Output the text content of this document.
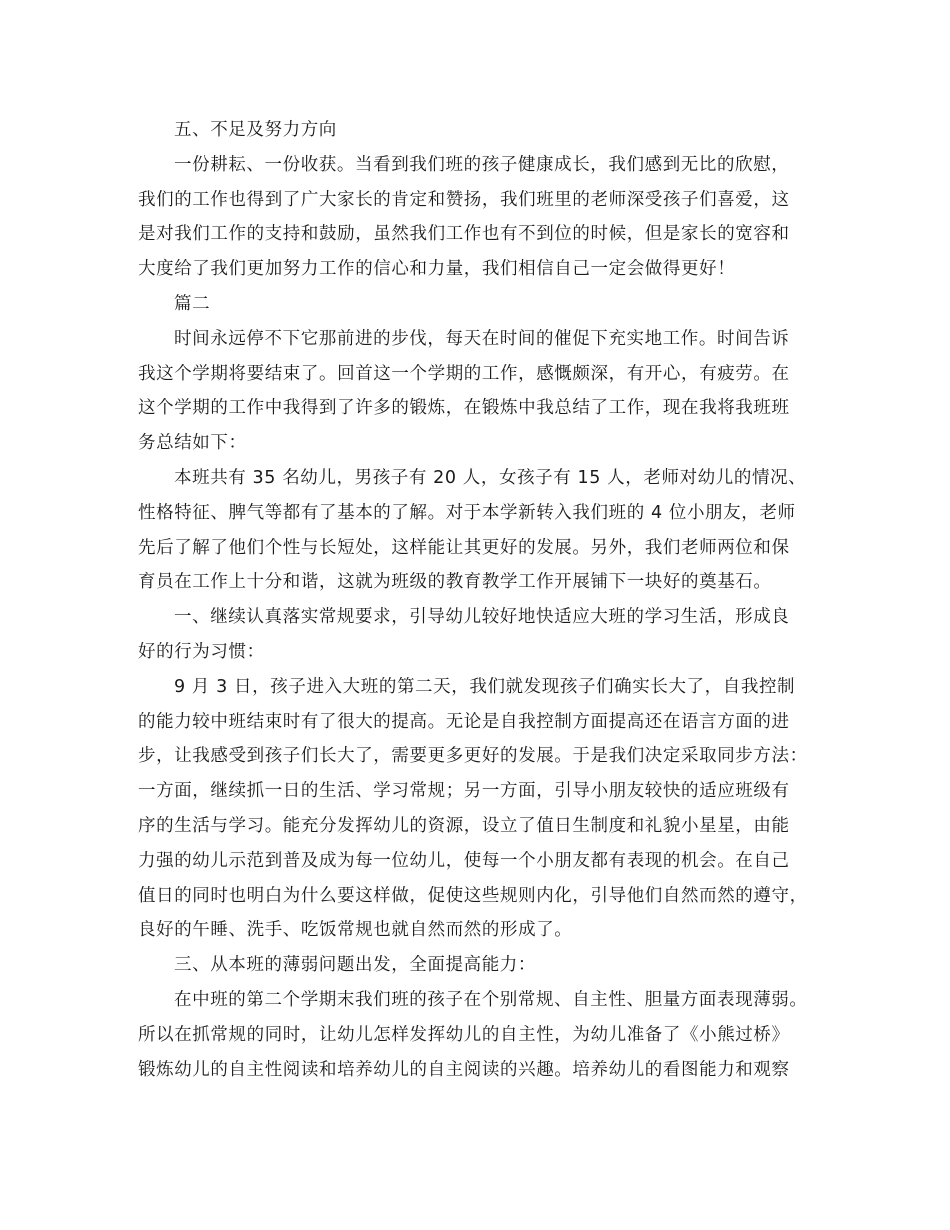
五、不足及努力方向

一份耕耘、一份收获。当看到我们班的孩子健康成长，我们感到无比的欣慰，
我们的工作也得到了广大家长的肯定和赞扬，我们班里的老师深受孩子们喜爱，这
是对我们工作的支持和鼓励，虽然我们工作也有不到位的时候，但是家长的宽容和
大度给了我们更加努力工作的信心和力量，我们相信自己一定会做得更好！

篇二

时间永远停不下它那前进的步伐，每天在时间的催促下充实地工作。时间告诉
我这个学期将要结束了。回首这一个学期的工作，感慨颇深，有开心，有疲劳。在
这个学期的工作中我得到了许多的锻炼，在锻炼中我总结了工作，现在我将我班班
务总结如下：

本班共有 35 名幼儿，男孩子有 20 人，女孩子有 15 人，老师对幼儿的情况、
性格特征、脾气等都有了基本的了解。对于本学新转入我们班的 4 位小朋友，老师
先后了解了他们个性与长短处，这样能让其更好的发展。另外，我们老师两位和保
育员在工作上十分和谐，这就为班级的教育教学工作开展铺下一块好的奠基石。

一、继续认真落实常规要求，引导幼儿较好地快适应大班的学习生活，形成良
好的行为习惯：

9 月 3 日，孩子进入大班的第二天，我们就发现孩子们确实长大了，自我控制
的能力较中班结束时有了很大的提高。无论是自我控制方面提高还在语言方面的进
步，让我感受到孩子们长大了，需要更多更好的发展。于是我们决定采取同步方法：
一方面，继续抓一日的生活、学习常规；另一方面，引导小朋友较快的适应班级有
序的生活与学习。能充分发挥幼儿的资源，设立了值日生制度和礼貌小星星，由能
力强的幼儿示范到普及成为每一位幼儿，使每一个小朋友都有表现的机会。在自己
值日的同时也明白为什么要这样做，促使这些规则内化，引导他们自然而然的遵守，
良好的午睡、洗手、吃饭常规也就自然而然的形成了。

三、从本班的薄弱问题出发，全面提高能力：

在中班的第二个学期末我们班的孩子在个别常规、自主性、胆量方面表现薄弱。
所以在抓常规的同时，让幼儿怎样发挥幼儿的自主性，为幼儿准备了《小熊过桥》
锻炼幼儿的自主性阅读和培养幼儿的自主阅读的兴趣。培养幼儿的看图能力和观察
